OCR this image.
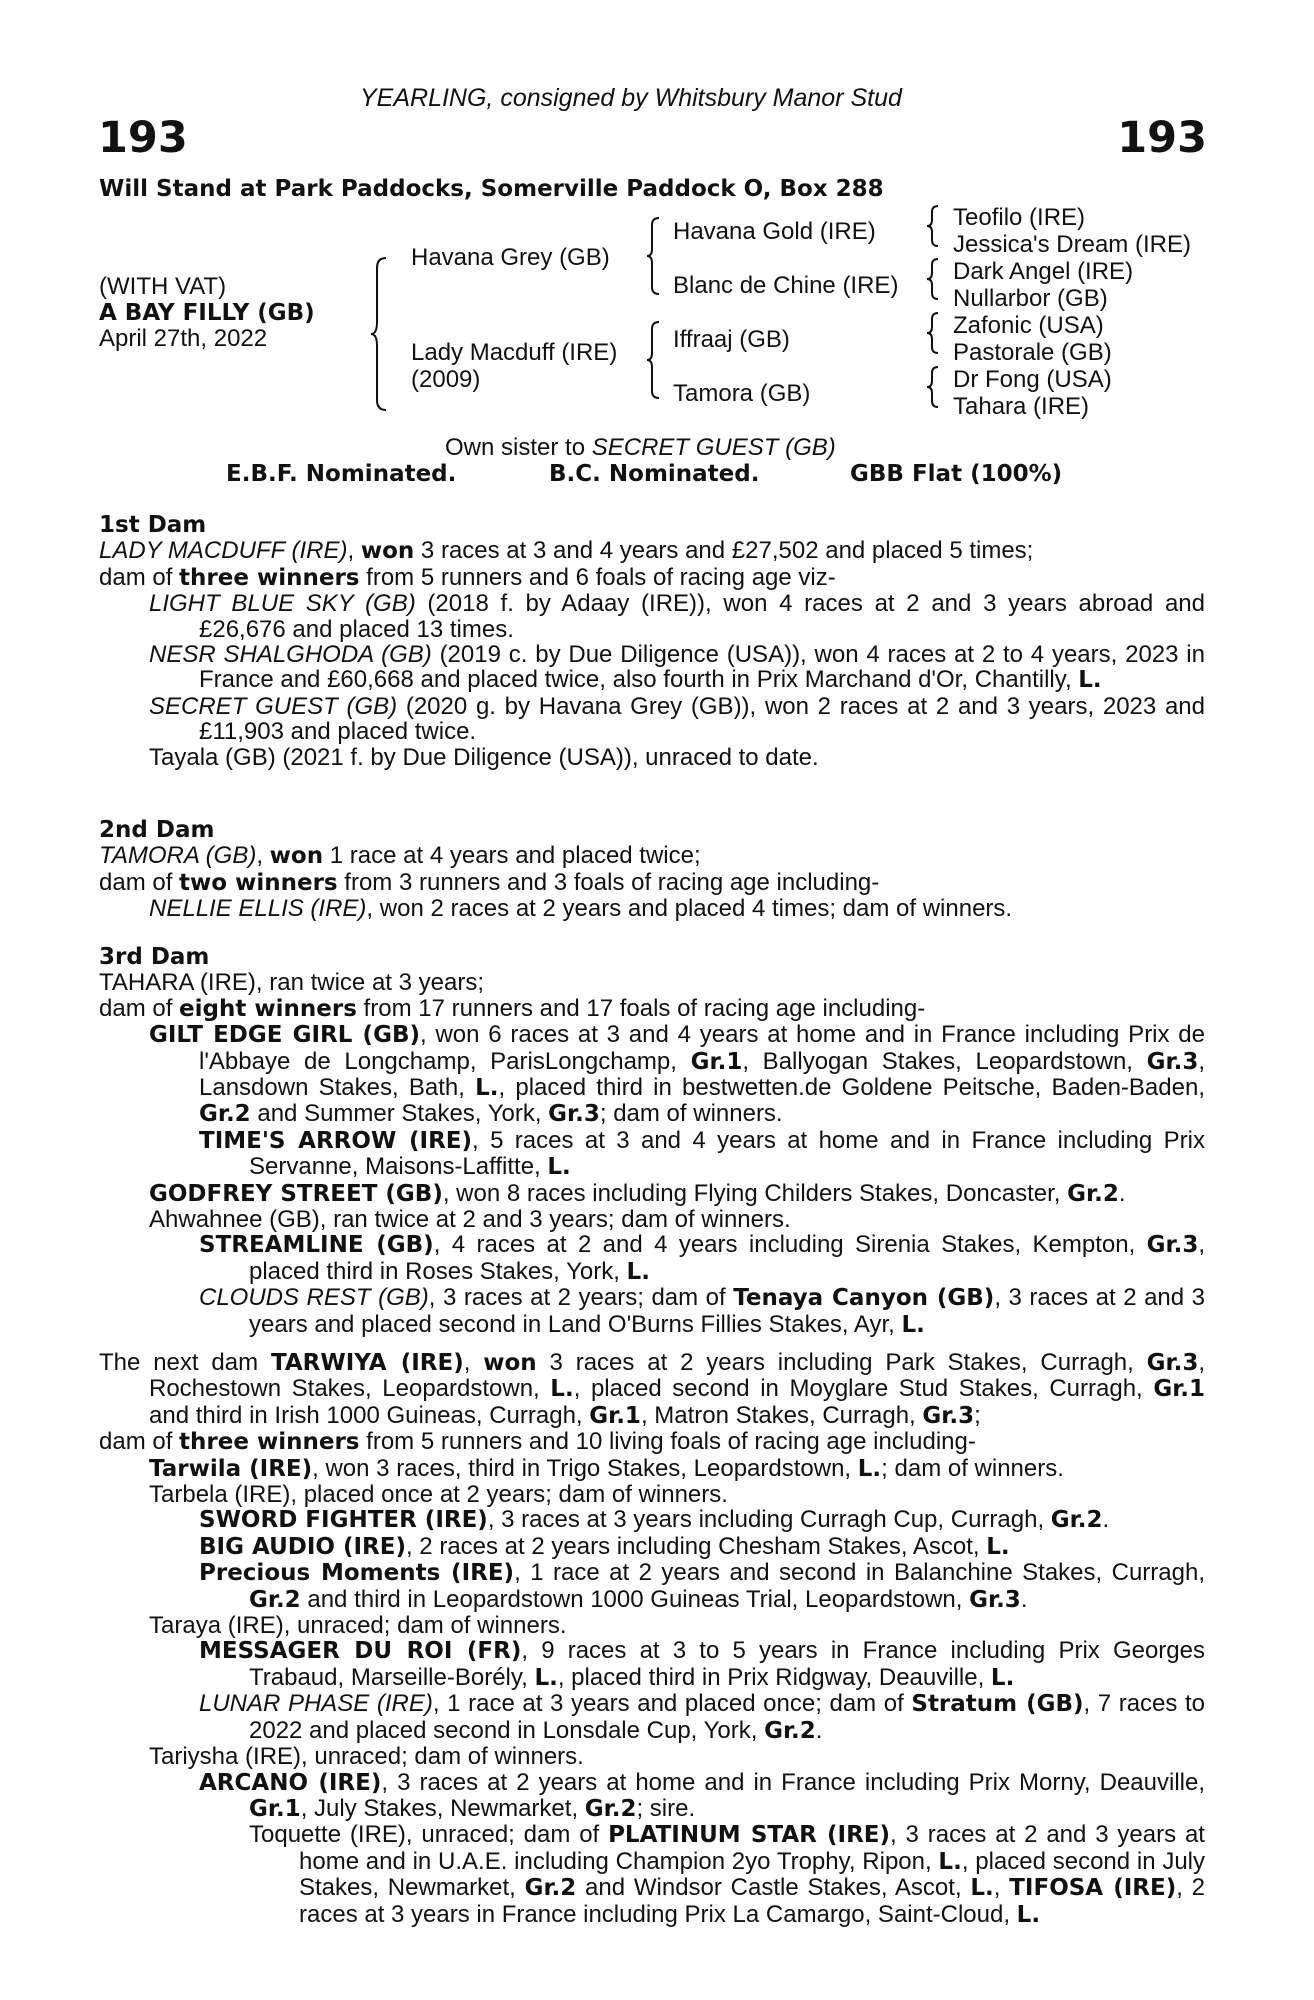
YEARLING, consigned by Whitsbury Manor Stud
193	193
Will Stand at Park Paddocks, Somerville Paddock O, Box 288
(WITH VAT)
A BAY FILLY (GB)
April 27th, 2022
Havana Grey (GB)
Lady Macduff (IRE)
(2009)
Havana Gold (IRE)
Blanc de Chine (IRE)
Iffraaj (GB)
Tamora (GB)
Teofilo (IRE)
Jessica's Dream (IRE)
Dark Angel (IRE)
Nullarbor (GB)
Zafonic (USA)
Pastorale (GB)
Dr Fong (USA)
Tahara (IRE)
Own sister to SECRET GUEST (GB)
E.B.F. Nominated.	B.C. Nominated.	GBB Flat (100%)

1st Dam

LADY MACDUFF (IRE), won 3 races at 3 and 4 years and £27,502 and placed 5 times;

dam of three winners from 5 runners and 6 foals of racing age viz-

LIGHT BLUE SKY (GB) (2018 f. by Adaay (IRE)), won 4 races at 2 and 3 years abroad and £26,676 and placed 13 times.

NESR SHALGHODA (GB) (2019 c. by Due Diligence (USA)), won 4 races at 2 to 4 years, 2023 in France and £60,668 and placed twice, also fourth in Prix Marchand d'Or, Chantilly, L.

SECRET GUEST (GB) (2020 g. by Havana Grey (GB)), won 2 races at 2 and 3 years, 2023 and £11,903 and placed twice.

Tayala (GB) (2021 f. by Due Diligence (USA)), unraced to date.

2nd Dam

TAMORA (GB), won 1 race at 4 years and placed twice;

dam of two winners from 3 runners and 3 foals of racing age including-

NELLIE ELLIS (IRE), won 2 races at 2 years and placed 4 times; dam of winners.

3rd Dam

TAHARA (IRE), ran twice at 3 years;

dam of eight winners from 17 runners and 17 foals of racing age including-

GILT EDGE GIRL (GB), won 6 races at 3 and 4 years at home and in France including Prix de l'Abbaye de Longchamp, ParisLongchamp, Gr.1, Ballyogan Stakes, Leopardstown, Gr.3, Lansdown Stakes, Bath, L., placed third in bestwetten.de Goldene Peitsche, Baden-Baden, Gr.2 and Summer Stakes, York, Gr.3; dam of winners.

TIME'S ARROW (IRE), 5 races at 3 and 4 years at home and in France including Prix Servanne, Maisons-Laffitte, L.

GODFREY STREET (GB), won 8 races including Flying Childers Stakes, Doncaster, Gr.2.

Ahwahnee (GB), ran twice at 2 and 3 years; dam of winners.

STREAMLINE (GB), 4 races at 2 and 4 years including Sirenia Stakes, Kempton, Gr.3, placed third in Roses Stakes, York, L.

CLOUDS REST (GB), 3 races at 2 years; dam of Tenaya Canyon (GB), 3 races at 2 and 3 years and placed second in Land O'Burns Fillies Stakes, Ayr, L.

The next dam TARWIYA (IRE), won 3 races at 2 years including Park Stakes, Curragh, Gr.3, Rochestown Stakes, Leopardstown, L., placed second in Moyglare Stud Stakes, Curragh, Gr.1 and third in Irish 1000 Guineas, Curragh, Gr.1, Matron Stakes, Curragh, Gr.3;

dam of three winners from 5 runners and 10 living foals of racing age including-

Tarwila (IRE), won 3 races, third in Trigo Stakes, Leopardstown, L.; dam of winners.

Tarbela (IRE), placed once at 2 years; dam of winners.

SWORD FIGHTER (IRE), 3 races at 3 years including Curragh Cup, Curragh, Gr.2.

BIG AUDIO (IRE), 2 races at 2 years including Chesham Stakes, Ascot, L.

Precious Moments (IRE), 1 race at 2 years and second in Balanchine Stakes, Curragh, Gr.2 and third in Leopardstown 1000 Guineas Trial, Leopardstown, Gr.3.

Taraya (IRE), unraced; dam of winners.

MESSAGER DU ROI (FR), 9 races at 3 to 5 years in France including Prix Georges Trabaud, Marseille-Borély, L., placed third in Prix Ridgway, Deauville, L.

LUNAR PHASE (IRE), 1 race at 3 years and placed once; dam of Stratum (GB), 7 races to 2022 and placed second in Lonsdale Cup, York, Gr.2.

Tariysha (IRE), unraced; dam of winners.

ARCANO (IRE), 3 races at 2 years at home and in France including Prix Morny, Deauville, Gr.1, July Stakes, Newmarket, Gr.2; sire.

Toquette (IRE), unraced; dam of PLATINUM STAR (IRE), 3 races at 2 and 3 years at home and in U.A.E. including Champion 2yo Trophy, Ripon, L., placed second in July Stakes, Newmarket, Gr.2 and Windsor Castle Stakes, Ascot, L., TIFOSA (IRE), 2 races at 3 years in France including Prix La Camargo, Saint-Cloud, L.
